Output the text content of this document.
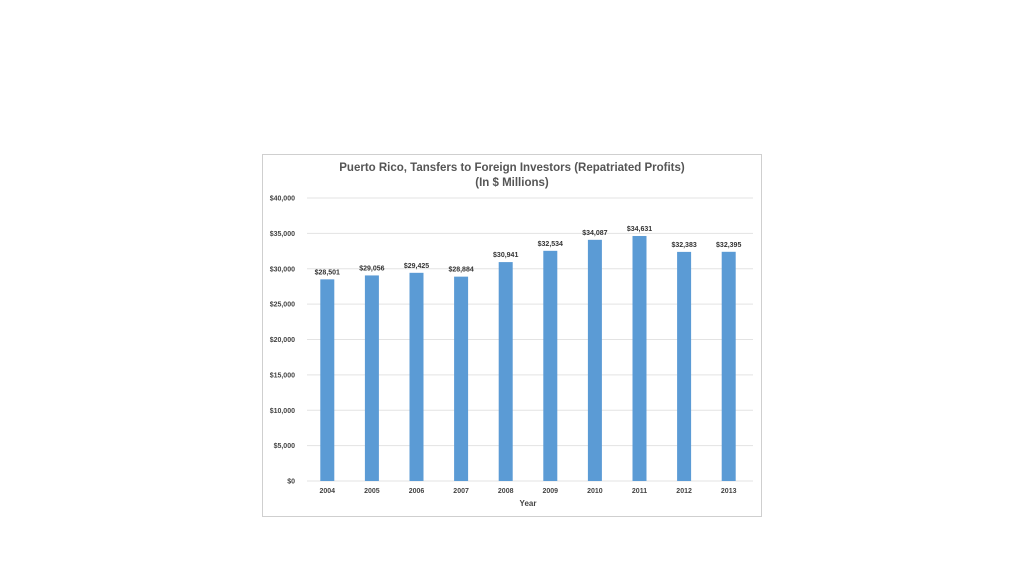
Puerto Rico, Tansfers to Foreign Investors (Repatriated Profits)
(In $ Millions)
$0
$5,000
$10,000
$15,000
$20,000
$25,000
$30,000
$35,000
$40,000
$28,501
$29,056	$29,425
$28,884
$30,941
$32,534
$34,087
$34,631
$32,383	$32,395
2004	2005	2006	2007	2008	2009	2010	2011	2012	2013
Year
